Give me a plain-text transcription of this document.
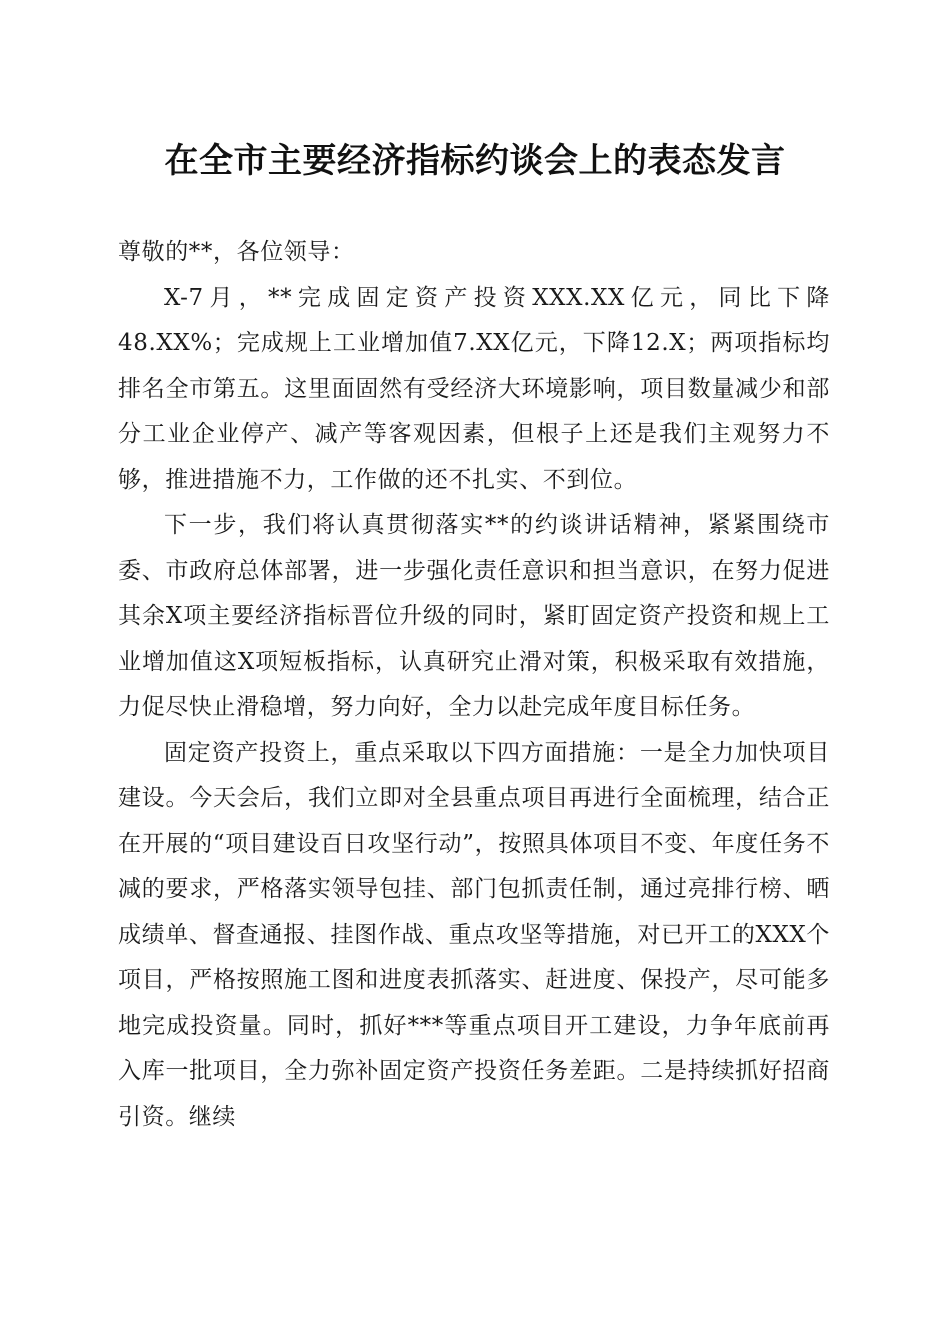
在全市主要经济指标约谈会上的表态发言

尊敬的**，各位领导：

X-7月，**完成固定资产投资XXX.XX亿元，同比下降48.XX%；完成规上工业增加值7.XX亿元，下降12.X；两项指标均排名全市第五。这里面固然有受经济大环境影响，项目数量减少和部分工业企业停产、减产等客观因素，但根子上还是我们主观努力不够，推进措施不力，工作做的还不扎实、不到位。

下一步，我们将认真贯彻落实**的约谈讲话精神，紧紧围绕市委、市政府总体部署，进一步强化责任意识和担当意识，在努力促进其余X项主要经济指标晋位升级的同时，紧盯固定资产投资和规上工业增加值这X项短板指标，认真研究止滑对策，积极采取有效措施，力促尽快止滑稳增，努力向好，全力以赴完成年度目标任务。

固定资产投资上，重点采取以下四方面措施：一是全力加快项目建设。今天会后，我们立即对全县重点项目再进行全面梳理，结合正在开展的“项目建设百日攻坚行动”，按照具体项目不变、年度任务不减的要求，严格落实领导包挂、部门包抓责任制，通过亮排行榜、晒成绩单、督查通报、挂图作战、重点攻坚等措施，对已开工的XXX个项目，严格按照施工图和进度表抓落实、赶进度、保投产，尽可能多地完成投资量。同时，抓好***等重点项目开工建设，力争年底前再入库一批项目，全力弥补固定资产投资任务差距。二是持续抓好招商引资。继续
